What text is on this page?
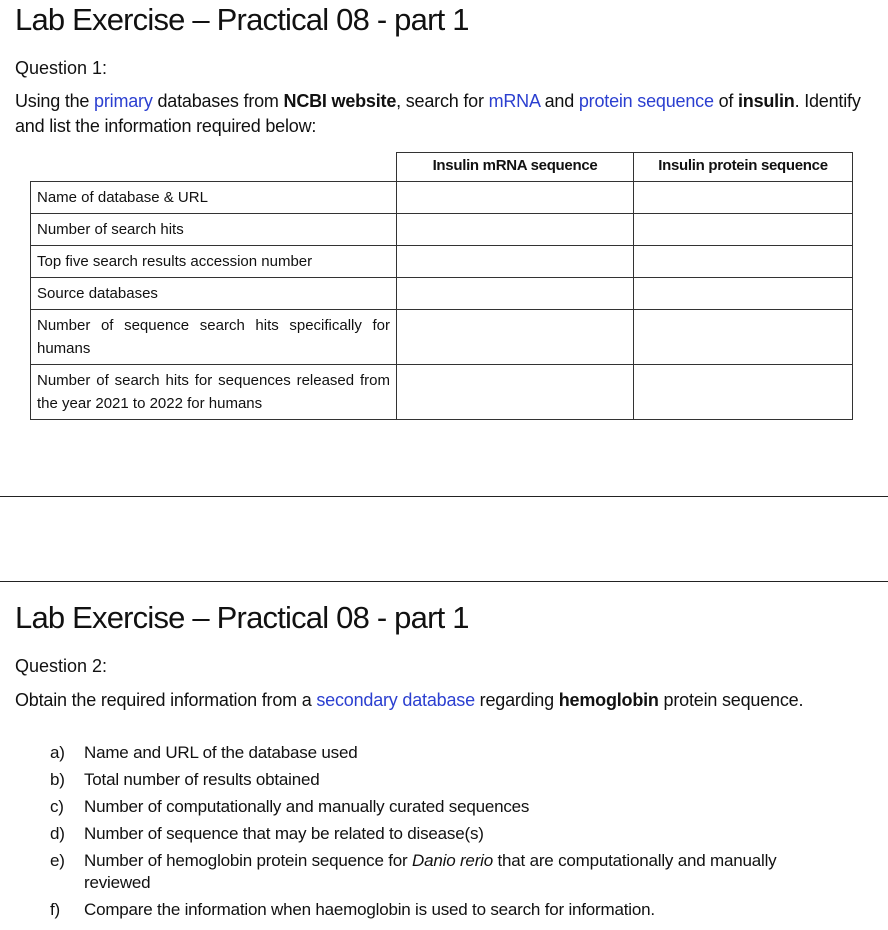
Lab Exercise – Practical 08 - part 1
Question 1:
Using the primary databases from NCBI website, search for mRNA and protein sequence of insulin. Identify and list the information required below:
	Insulin mRNA sequence	Insulin protein sequence
Name of database & URL		
Number of search hits		
Top five search results accession number		
Source databases		
Number of sequence search hits specifically for humans		
Number of search hits for sequences released from the year 2021 to 2022 for humans		
Lab Exercise – Practical 08 - part 1
Question 2:
Obtain the required information from a secondary database regarding hemoglobin protein sequence.
a)	Name and URL of the database used
b)	Total number of results obtained
c)	Number of computationally and manually curated sequences
d)	Number of sequence that may be related to disease(s)
e)	Number of hemoglobin protein sequence for Danio rerio that are computationally and manually reviewed
f)	Compare the information when haemoglobin is used to search for information.
